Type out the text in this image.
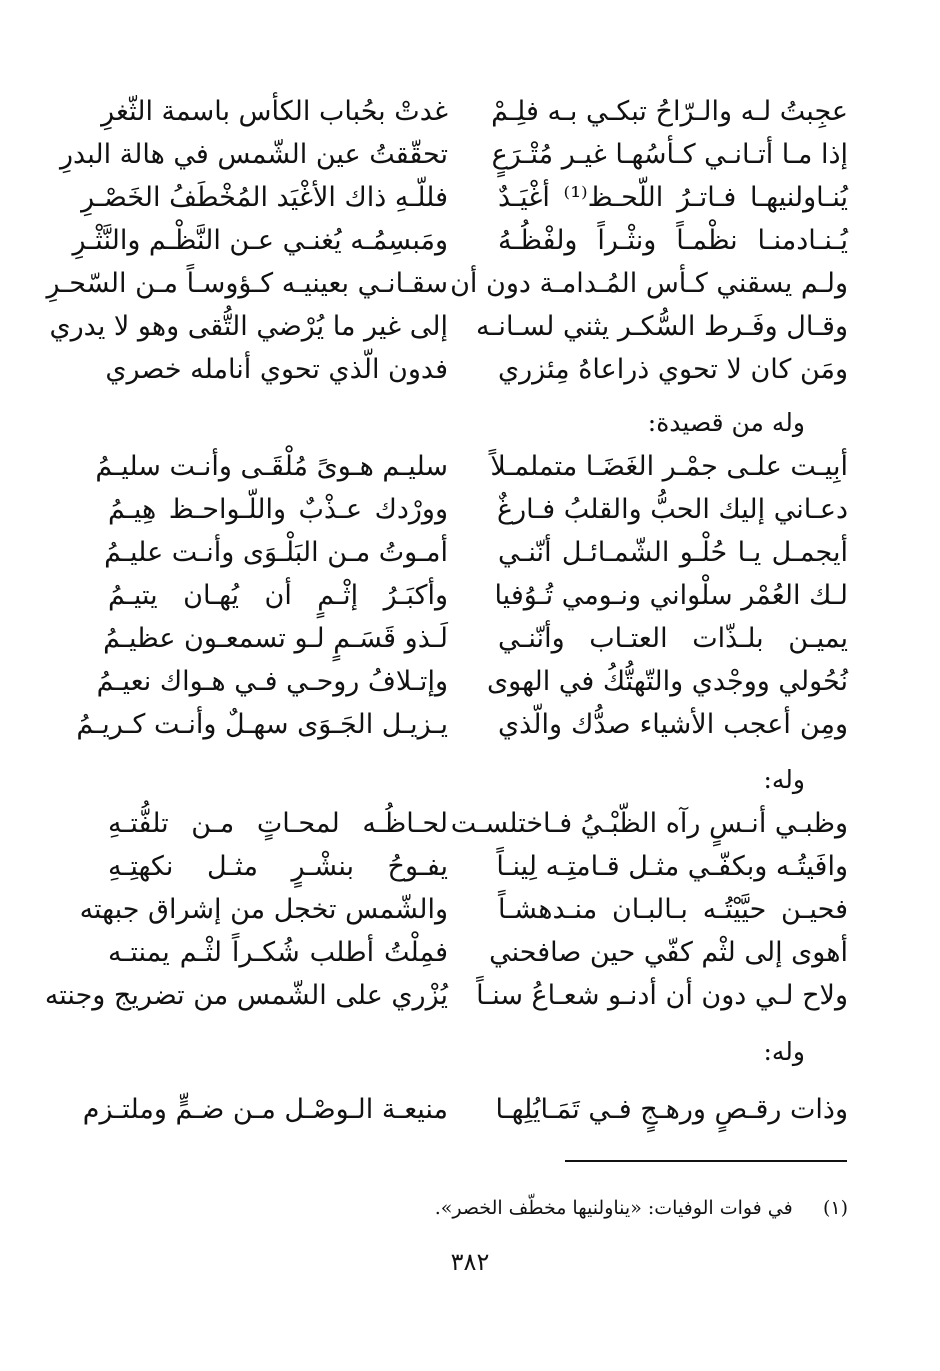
عجِبتُ لـه والـرّاحُ تبكـي بـه فلِـمْ
غدتْ بحُباب الكأس باسمة الثّغرِ
إذا مـا أتـانـي كـأسُهـا غيـر مُتْـرَعٍ
تحقّقتُ عين الشّمس في هالة البدرِ
يُنـاولنيهـا فـاتـرُ اللّحـظ⁽¹⁾ أغْيَـدٌ
فللّـهِ ذاك الأغْيَد المُخْطَفُ الخَصْـرِ
يُـنـادمنـا نظْمـاً ونثْـراً ولفْظُـهُ
ومَبسِمُـه يُغنـي عـن النَّظْـم والنَّثْـرِ
ولـم يسقني كـأس المُـدامـة دون أن
سقـانـي بعينيـه كـؤوسـاً مـن السّحـرِ
وقـال وفَـرط السُّكـر يثني لسـانـه
إلى غير ما يُرْضي التُّقى وهو لا يدري
ومَن كان لا تحوي ذراعاهُ مِئزري
فدون الّذي تحوي أنامله خصري
وله من قصيدة:
أبِيـت علـى جمْـر الغَضَـا متملمـلاً
سليـم هـوىً مُلْقَـى وأنـت سليـمُ
دعـاني إليك الحبُّ والقلبُ فـارغٌ
وورْدك عـذْبٌ واللّـواحـظ هِيـمُ
أيجمـل يـا حُلْـو الشّمـائـل أنّنـي
أمـوتُ مـن البَلْـوَى وأنـت عليـمُ
لـك العُمْر سلْواني ونـومي تُـوُفيا
وأكبَـرُ إثْـمٍ أن يُهـان يتيـمُ
يميـن بلـذّات العتـاب وأنّنـي
لَـذو قَسَـمٍ لـو تسمعـون عظيـمُ
نُحُولي ووجْدي والتّهتُّكُ في الهوى
وإتـلافُ روحـي فـي هـواك نعيـمُ
ومِن أعجب الأشياء صدُّك والّذي
يـزيـل الجَـوَى سهـلٌ وأنـت كـريـمُ
وله:
وظبـي أنـسٍ رآه الظّبْـيُ فـاختلسـت
لحـاظُـه لمحـاتٍ مـن تلفُّتـهِ
وافَيتُـه وبكفّـي مثـل قـامتِـه لِينـاً
يفـوحُ بنشْـرٍ مثـل نكهتِـهِ
فحيـن حيَّيْتُـه بـالبـان منـدهشـاً
والشّمس تخجل من إشراق جبهته
أهوى إلى لثْم كفّي حين صافحني
فمِلْتُ أطلب شُكـراً لثْـم يمنتـه
ولاح لـي دون أن أدنـو شعـاعُ سنـاً
يُزْري على الشّمس من تضريج وجنته
وله:
وذات رقـصٍ ورهـجٍ فـي تَمَـايُلِهـا
منيعـة الـوصْـل مـن ضـمٍّ وملتـزم
(١)     في فوات الوفيات: «يناولنيها مخطّف الخصر».
٣٨٢
